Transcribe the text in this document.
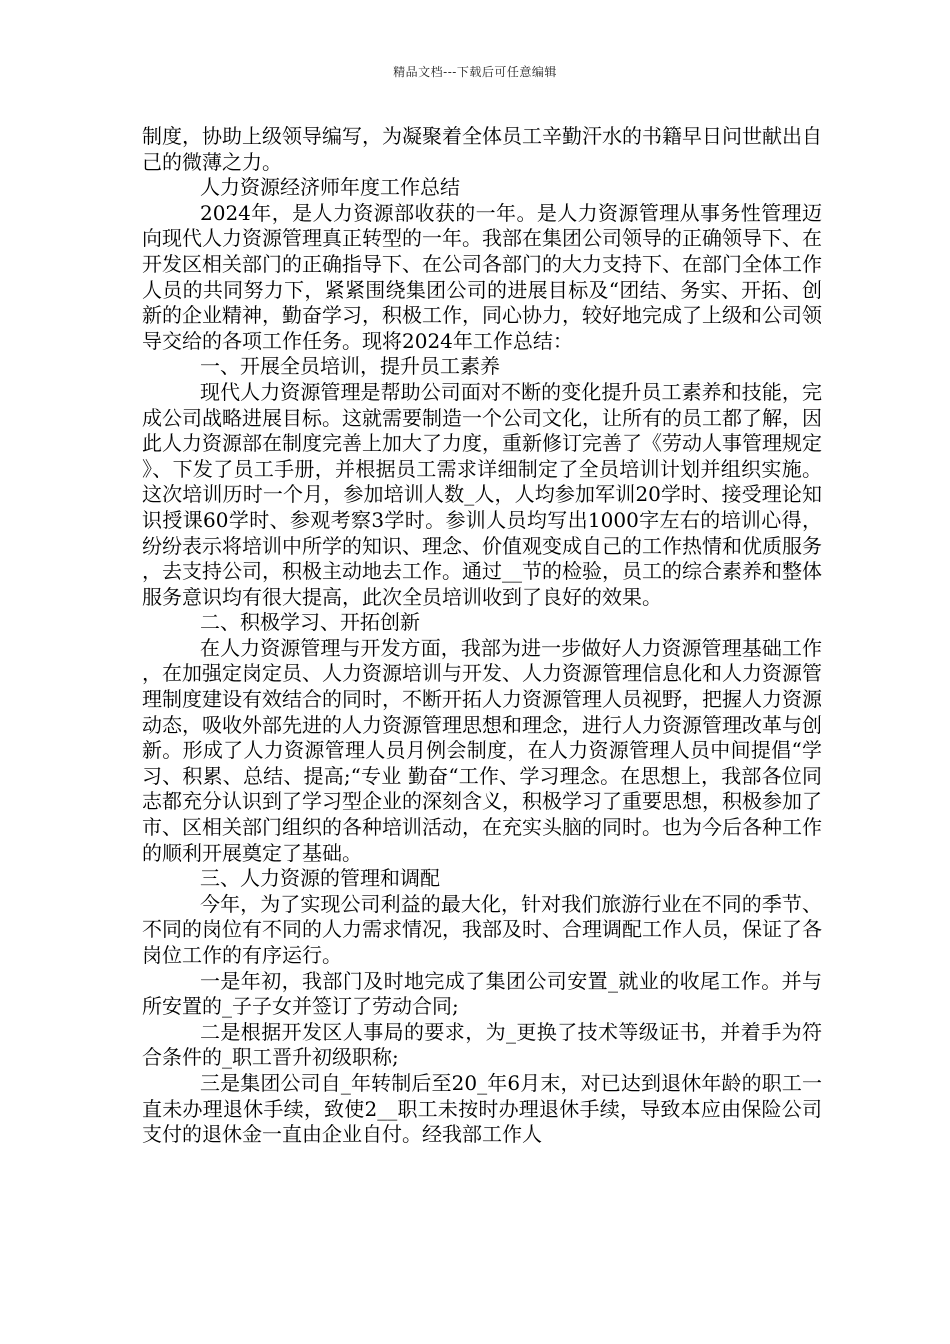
精品文档---下载后可任意编辑

制度，协助上级领导编写，为凝聚着全体员工辛勤汗水的书籍早日问世献出自己的微薄之力。

人力资源经济师年度工作总结

2024年，是人力资源部收获的一年。是人力资源管理从事务性管理迈向现代人力资源管理真正转型的一年。我部在集团公司领导的正确领导下、在开发区相关部门的正确指导下、在公司各部门的大力支持下、在部门全体工作人员的共同努力下，紧紧围绕集团公司的进展目标及“团结、务实、开拓、创新的企业精神，勤奋学习，积极工作，同心协力，较好地完成了上级和公司领导交给的各项工作任务。现将2024年工作总结：

一、开展全员培训，提升员工素养

现代人力资源管理是帮助公司面对不断的变化提升员工素养和技能，完成公司战略进展目标。这就需要制造一个公司文化，让所有的员工都了解，因此人力资源部在制度完善上加大了力度，重新修订完善了《劳动人事管理规定》、下发了员工手册，并根据员工需求详细制定了全员培训计划并组织实施。这次培训历时一个月，参加培训人数_人，人均参加军训20学时、接受理论知识授课60学时、参观考察3学时。参训人员均写出1000字左右的培训心得，纷纷表示将培训中所学的知识、理念、价值观变成自己的工作热情和优质服务，去支持公司，积极主动地去工作。通过__节的检验，员工的综合素养和整体服务意识均有很大提高，此次全员培训收到了良好的效果。

二、积极学习、开拓创新

在人力资源管理与开发方面，我部为进一步做好人力资源管理基础工作，在加强定岗定员、人力资源培训与开发、人力资源管理信息化和人力资源管理制度建设有效结合的同时，不断开拓人力资源管理人员视野，把握人力资源动态，吸收外部先进的人力资源管理思想和理念，进行人力资源管理改革与创新。形成了人力资源管理人员月例会制度，在人力资源管理人员中间提倡“学习、积累、总结、提高;“专业 勤奋“工作、学习理念。在思想上，我部各位同志都充分认识到了学习型企业的深刻含义，积极学习了重要思想，积极参加了市、区相关部门组织的各种培训活动，在充实头脑的同时。也为今后各种工作的顺利开展奠定了基础。

三、人力资源的管理和调配

今年，为了实现公司利益的最大化，针对我们旅游行业在不同的季节、不同的岗位有不同的人力需求情况，我部及时、合理调配工作人员，保证了各岗位工作的有序运行。

一是年初，我部门及时地完成了集团公司安置_就业的收尾工作。并与所安置的_子子女并签订了劳动合同;

二是根据开发区人事局的要求，为_更换了技术等级证书，并着手为符合条件的_职工晋升初级职称;

三是集团公司自_年转制后至20_年6月末，对已达到退休年龄的职工一直未办理退休手续，致使2__职工未按时办理退休手续，导致本应由保险公司支付的退休金一直由企业自付。经我部工作人
